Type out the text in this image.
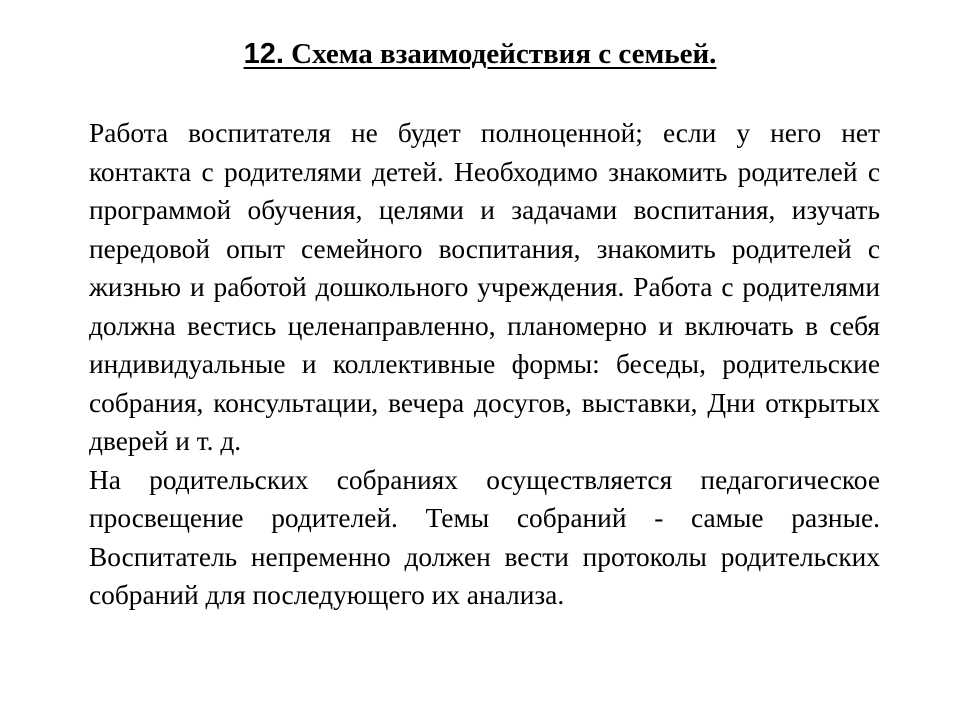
12. Схема взаимодействия с семьей.

Работа воспитателя не будет полноценной; если у него нет контакта с родителями детей. Необходимо знакомить родителей с программой обучения, целями и задачами воспитания, изучать передовой опыт семейного воспитания, знакомить родителей с жизнью и работой дошкольного учреждения. Работа с родителями должна вестись целенаправленно, планомерно и включать в себя индивидуальные и коллективные формы: беседы, родительские собрания, консультации, вечера досугов, выставки, Дни открытых дверей и т. д.

На родительских собраниях осуществляется педагогическое просвещение родителей. Темы собраний - самые разные. Воспитатель непременно должен вести протоколы родительских собраний для последующего их анализа.
